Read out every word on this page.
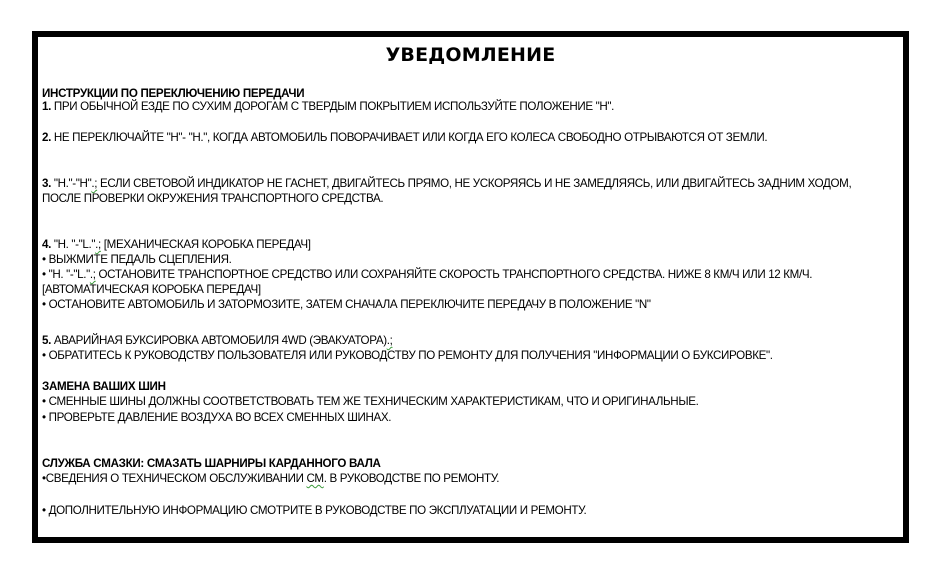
УВЕДОМЛЕНИЕ
ИНСТРУКЦИИ ПО ПЕРЕКЛЮЧЕНИЮ ПЕРЕДАЧИ
1. ПРИ ОБЫЧНОЙ ЕЗДЕ ПО СУХИМ ДОРОГАМ С ТВЕРДЫМ ПОКРЫТИЕМ ИСПОЛЬЗУЙТЕ ПОЛОЖЕНИЕ "H".
2. НЕ ПЕРЕКЛЮЧАЙТЕ "H"- "H.", КОГДА АВТОМОБИЛЬ ПОВОРАЧИВАЕТ ИЛИ КОГДА ЕГО КОЛЕСА СВОБОДНО ОТРЫВАЮТСЯ ОТ ЗЕМЛИ.
3. "H."-"H".; ЕСЛИ СВЕТОВОЙ ИНДИКАТОР НЕ ГАСНЕТ, ДВИГАЙТЕСЬ ПРЯМО, НЕ УСКОРЯЯСЬ И НЕ ЗАМЕДЛЯЯСЬ, ИЛИ ДВИГАЙТЕСЬ ЗАДНИМ ХОДОМ,
ПОСЛЕ ПРОВЕРКИ ОКРУЖЕНИЯ ТРАНСПОРТНОГО СРЕДСТВА.
4. "H. "-"L.".; [МЕХАНИЧЕСКАЯ КОРОБКА ПЕРЕДАЧ]
• ВЫЖМИТЕ ПЕДАЛЬ СЦЕПЛЕНИЯ.
• "H. "-"L.".; ОСТАНОВИТЕ ТРАНСПОРТНОЕ СРЕДСТВО ИЛИ СОХРАНЯЙТЕ СКОРОСТЬ ТРАНСПОРТНОГО СРЕДСТВА. НИЖЕ 8 КМ/Ч ИЛИ 12 КМ/Ч.
[АВТОМАТИЧЕСКАЯ КОРОБКА ПЕРЕДАЧ]
• ОСТАНОВИТЕ АВТОМОБИЛЬ И ЗАТОРМОЗИТЕ, ЗАТЕМ СНАЧАЛА ПЕРЕКЛЮЧИТЕ ПЕРЕДАЧУ В ПОЛОЖЕНИЕ "N"
5. АВАРИЙНАЯ БУКСИРОВКА АВТОМОБИЛЯ 4WD (ЭВАКУАТОРА).;
• ОБРАТИТЕСЬ К РУКОВОДСТВУ ПОЛЬЗОВАТЕЛЯ ИЛИ РУКОВОДСТВУ ПО РЕМОНТУ ДЛЯ ПОЛУЧЕНИЯ "ИНФОРМАЦИИ О БУКСИРОВКЕ".
ЗАМЕНА ВАШИХ ШИН
• СМЕННЫЕ ШИНЫ ДОЛЖНЫ СООТВЕТСТВОВАТЬ ТЕМ ЖЕ ТЕХНИЧЕСКИМ ХАРАКТЕРИСТИКАМ, ЧТО И ОРИГИНАЛЬНЫЕ.
• ПРОВЕРЬТЕ ДАВЛЕНИЕ ВОЗДУХА ВО ВСЕХ СМЕННЫХ ШИНАХ.
СЛУЖБА СМАЗКИ: СМАЗАТЬ ШАРНИРЫ КАРДАННОГО ВАЛА
•СВЕДЕНИЯ О ТЕХНИЧЕСКОМ ОБСЛУЖИВАНИИ СМ. В РУКОВОДСТВЕ ПО РЕМОНТУ.
• ДОПОЛНИТЕЛЬНУЮ ИНФОРМАЦИЮ СМОТРИТЕ В РУКОВОДСТВЕ ПО ЭКСПЛУАТАЦИИ И РЕМОНТУ.
